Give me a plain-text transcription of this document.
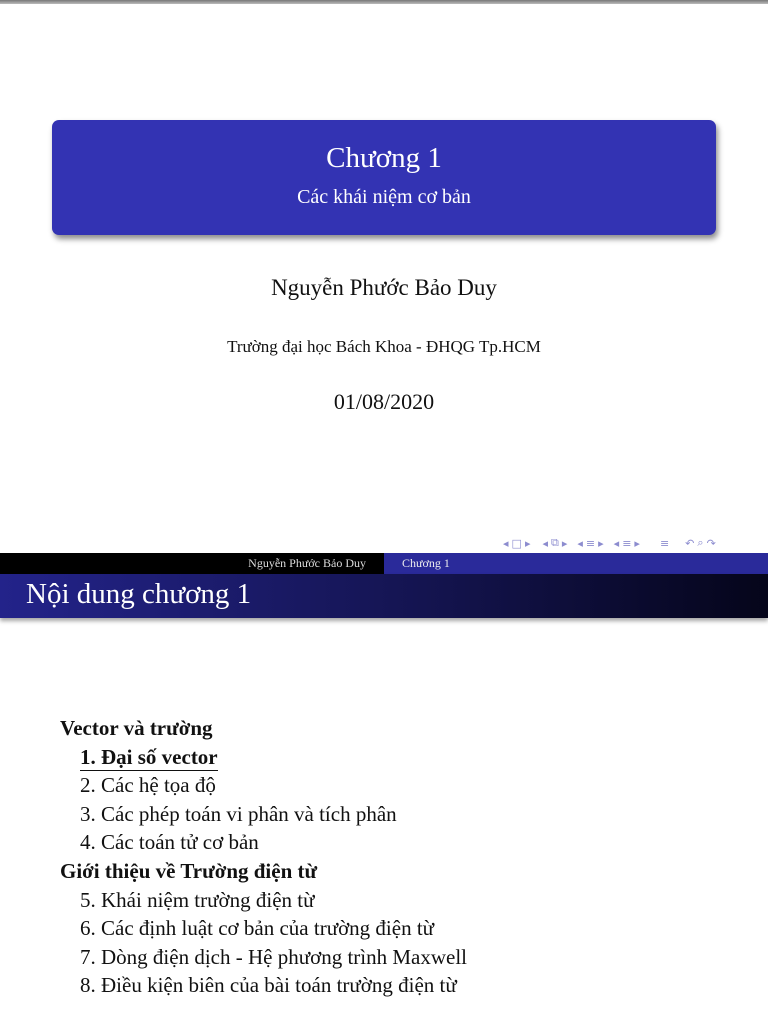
Chương 1
Các khái niệm cơ bản
Nguyễn Phước Bảo Duy
Trường đại học Bách Khoa - ĐHQG Tp.HCM
01/08/2020
◂ □ ▸ ◂ ⧉ ▸ ◂ ≡ ▸ ◂ ≡ ▸ ≡ ↶ ⌕ ↷
Nguyễn Phước Bảo Duy	Chương 1
Nội dung chương 1
Vector và trường
1. Đại số vector
2. Các hệ tọa độ
3. Các phép toán vi phân và tích phân
4. Các toán tử cơ bản
Giới thiệu về Trường điện từ
5. Khái niệm trường điện từ
6. Các định luật cơ bản của trường điện từ
7. Dòng điện dịch - Hệ phương trình Maxwell
8. Điều kiện biên của bài toán trường điện từ
